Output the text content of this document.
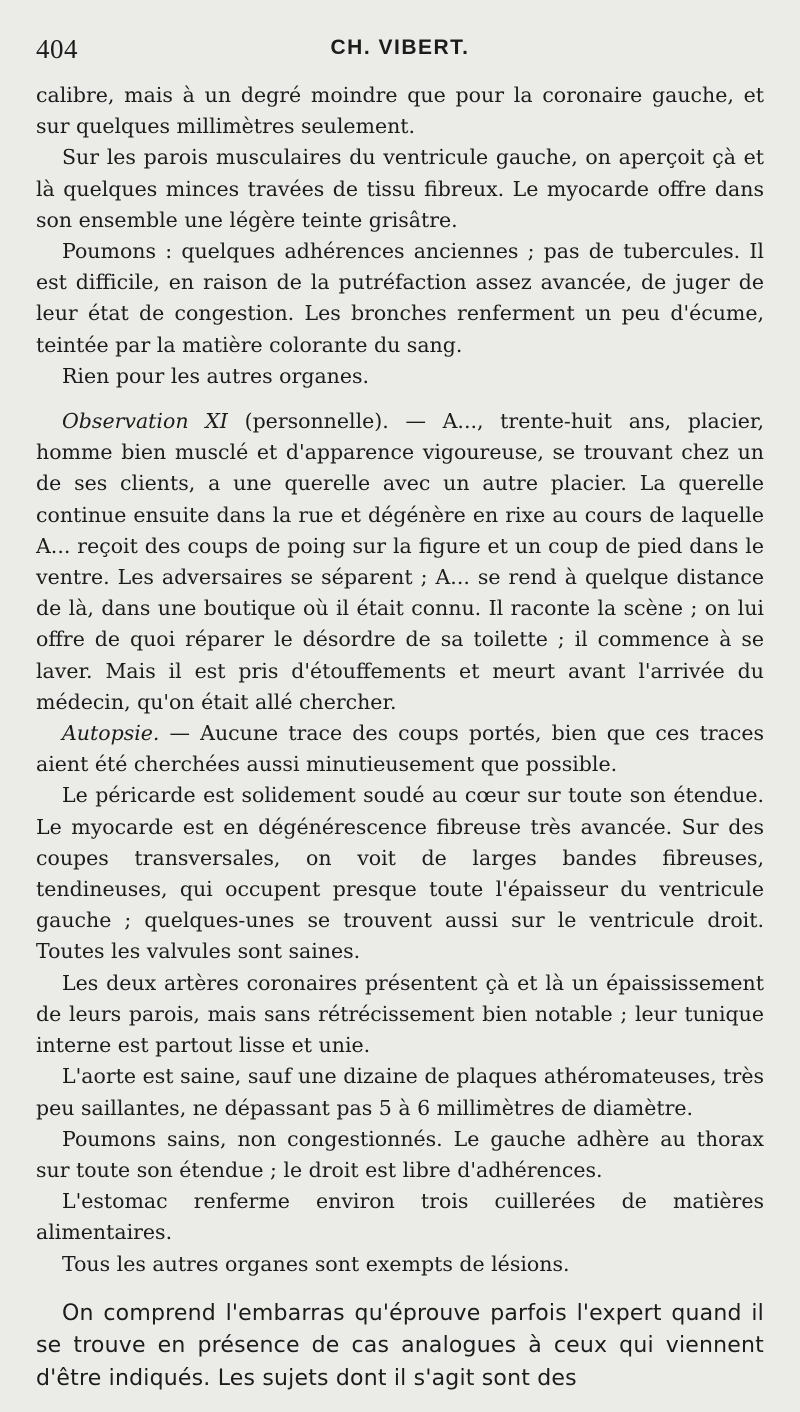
404	CH. VIBERT.

calibre, mais à un degré moindre que pour la coronaire gauche, et sur quelques millimètres seulement.

Sur les parois musculaires du ventricule gauche, on aperçoit çà et là quelques minces travées de tissu fibreux. Le myocarde offre dans son ensemble une légère teinte grisâtre.

Poumons : quelques adhérences anciennes ; pas de tubercules. Il est difficile, en raison de la putréfaction assez avancée, de juger de leur état de congestion. Les bronches renferment un peu d'écume, teintée par la matière colorante du sang.

Rien pour les autres organes.

Observation XI (personnelle). — A..., trente-huit ans, placier, homme bien musclé et d'apparence vigoureuse, se trouvant chez un de ses clients, a une querelle avec un autre placier. La querelle continue ensuite dans la rue et dégénère en rixe au cours de laquelle A... reçoit des coups de poing sur la figure et un coup de pied dans le ventre. Les adversaires se séparent ; A... se rend à quelque distance de là, dans une boutique où il était connu. Il raconte la scène ; on lui offre de quoi réparer le désordre de sa toilette ; il commence à se laver. Mais il est pris d'étouffements et meurt avant l'arrivée du médecin, qu'on était allé chercher.

Autopsie. — Aucune trace des coups portés, bien que ces traces aient été cherchées aussi minutieusement que possible.

Le péricarde est solidement soudé au cœur sur toute son étendue. Le myocarde est en dégénérescence fibreuse très avancée. Sur des coupes transversales, on voit de larges bandes fibreuses, tendineuses, qui occupent presque toute l'épaisseur du ventricule gauche ; quelques-unes se trouvent aussi sur le ventricule droit. Toutes les valvules sont saines.

Les deux artères coronaires présentent çà et là un épaississement de leurs parois, mais sans rétrécissement bien notable ; leur tunique interne est partout lisse et unie.

L'aorte est saine, sauf une dizaine de plaques athéromateuses, très peu saillantes, ne dépassant pas 5 à 6 millimètres de diamètre.

Poumons sains, non congestionnés. Le gauche adhère au thorax sur toute son étendue ; le droit est libre d'adhérences.

L'estomac renferme environ trois cuillerées de matières alimentaires.

Tous les autres organes sont exempts de lésions.

On comprend l'embarras qu'éprouve parfois l'expert quand il se trouve en présence de cas analogues à ceux qui viennent d'être indiqués. Les sujets dont il s'agit sont des
